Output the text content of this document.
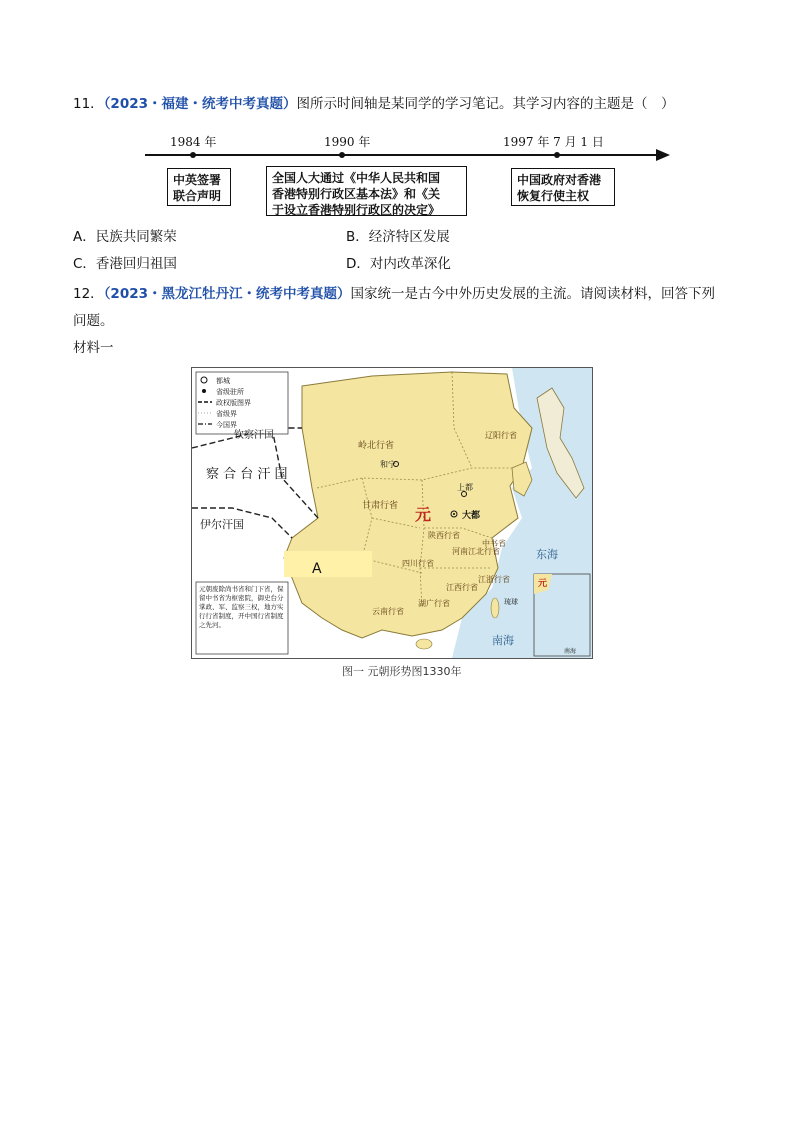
11．（2023・福建・统考中考真题）图所示时间轴是某同学的学习笔记。其学习内容的主题是（　）
1984 年	1990 年	1997 年 7 月 1 日
中英签署
联合声明
全国人大通过《中华人民共和国
香港特别行政区基本法》和《关
于设立香港特别行政区的决定》
中国政府对香港
恢复行使主权
A．民族共同繁荣	B．经济特区发展
C．香港回归祖国	D．对内改革深化
12．（2023・黑龙江牡丹江・统考中考真题）国家统一是古今中外历史发展的主流。请阅读材料，回答下列
问题。
材料一
都城
省级驻所
政权版图界
省级界
今国界
元朝废除尚书省和门下省，保留中书省为枢密院，御史台分掌政、军、监察三权，地方实行行省制度，开中国行省制度之先河。
钦察汗国
察 合 台 汗 国
伊尔汗国
岭北行省
和宁
辽阳行省
上都
大都
中书省
甘肃行省 元
陕西行省
四川行省
河南江北行省
江浙行省
江西行省
湖广行省
云南行省
A
东海
南海
琉球
元
南海
图一 元朝形势图1330年
